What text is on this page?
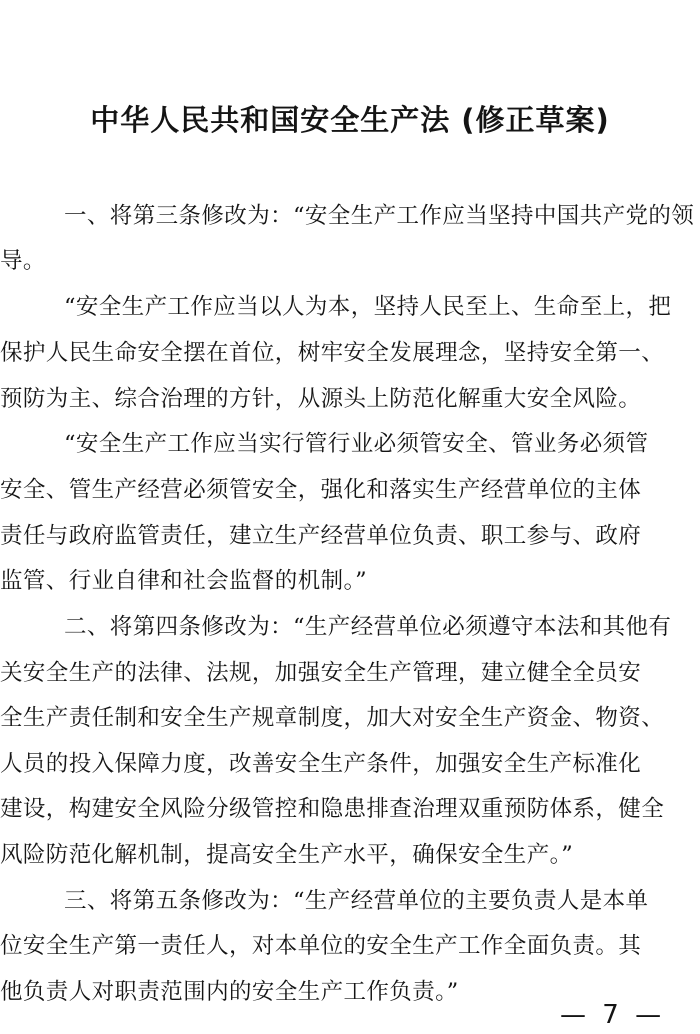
中华人民共和国安全生产法 (修正草案)
一、将第三条修改为：“安全生产工作应当坚持中国共产党的领
导。
“安全生产工作应当以人为本，坚持人民至上、生命至上，把
保护人民生命安全摆在首位，树牢安全发展理念，坚持安全第一、
预防为主、综合治理的方针，从源头上防范化解重大安全风险。
“安全生产工作应当实行管行业必须管安全、管业务必须管
安全、管生产经营必须管安全，强化和落实生产经营单位的主体
责任与政府监管责任，建立生产经营单位负责、职工参与、政府
监管、行业自律和社会监督的机制。”
二、将第四条修改为：“生产经营单位必须遵守本法和其他有
关安全生产的法律、法规，加强安全生产管理，建立健全全员安
全生产责任制和安全生产规章制度，加大对安全生产资金、物资、
人员的投入保障力度，改善安全生产条件，加强安全生产标准化
建设，构建安全风险分级管控和隐患排查治理双重预防体系，健全
风险防范化解机制，提高安全生产水平，确保安全生产。”
三、将第五条修改为：“生产经营单位的主要负责人是本单
位安全生产第一责任人，对本单位的安全生产工作全面负责。其
他负责人对职责范围内的安全生产工作负责。”
— 7 —
